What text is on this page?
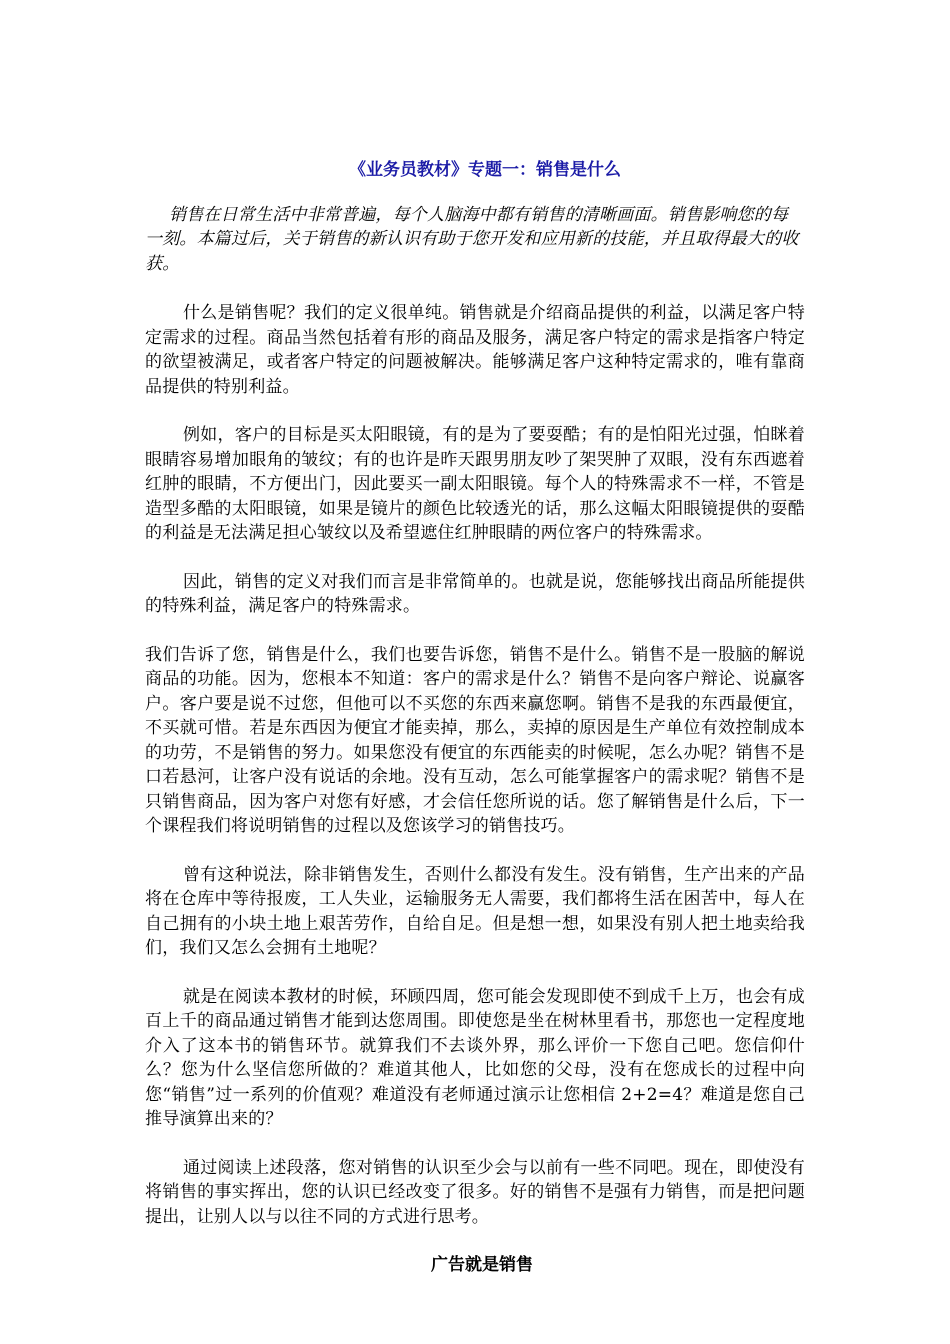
《业务员教材》专题一：销售是什么
销售在日常生活中非常普遍，每个人脑海中都有销售的清晰画面。销售影响您的每一刻。本篇过后，关于销售的新认识有助于您开发和应用新的技能，并且取得最大的收获。
什么是销售呢？我们的定义很单纯。销售就是介绍商品提供的利益，以满足客户特定需求的过程。商品当然包括着有形的商品及服务，满足客户特定的需求是指客户特定的欲望被满足，或者客户特定的问题被解决。能够满足客户这种特定需求的，唯有靠商品提供的特别利益。
例如，客户的目标是买太阳眼镜，有的是为了要耍酷；有的是怕阳光过强，怕眯着眼睛容易增加眼角的皱纹；有的也许是昨天跟男朋友吵了架哭肿了双眼，没有东西遮着红肿的眼睛，不方便出门，因此要买一副太阳眼镜。每个人的特殊需求不一样，不管是造型多酷的太阳眼镜，如果是镜片的颜色比较透光的话，那么这幅太阳眼镜提供的耍酷的利益是无法满足担心皱纹以及希望遮住红肿眼睛的两位客户的特殊需求。
因此，销售的定义对我们而言是非常简单的。也就是说，您能够找出商品所能提供的特殊利益，满足客户的特殊需求。
我们告诉了您，销售是什么，我们也要告诉您，销售不是什么。销售不是一股脑的解说商品的功能。因为，您根本不知道：客户的需求是什么？销售不是向客户辩论、说赢客户。客户要是说不过您，但他可以不买您的东西来赢您啊。销售不是我的东西最便宜，不买就可惜。若是东西因为便宜才能卖掉，那么，卖掉的原因是生产单位有效控制成本的功劳，不是销售的努力。如果您没有便宜的东西能卖的时候呢，怎么办呢？销售不是口若悬河，让客户没有说话的余地。没有互动，怎么可能掌握客户的需求呢？销售不是只销售商品，因为客户对您有好感，才会信任您所说的话。您了解销售是什么后，下一个课程我们将说明销售的过程以及您该学习的销售技巧。
曾有这种说法，除非销售发生，否则什么都没有发生。没有销售，生产出来的产品将在仓库中等待报废，工人失业，运输服务无人需要，我们都将生活在困苦中，每人在自己拥有的小块土地上艰苦劳作，自给自足。但是想一想，如果没有别人把土地卖给我们，我们又怎么会拥有土地呢？
就是在阅读本教材的时候，环顾四周，您可能会发现即使不到成千上万，也会有成百上千的商品通过销售才能到达您周围。即使您是坐在树林里看书，那您也一定程度地介入了这本书的销售环节。就算我们不去谈外界，那么评价一下您自己吧。您信仰什么？您为什么坚信您所做的？难道其他人，比如您的父母，没有在您成长的过程中向您“销售”过一系列的价值观？难道没有老师通过演示让您相信 2+2=4？难道是您自己推导演算出来的？
通过阅读上述段落，您对销售的认识至少会与以前有一些不同吧。现在，即使没有将销售的事实挥出，您的认识已经改变了很多。好的销售不是强有力销售，而是把问题提出，让别人以与以往不同的方式进行思考。
广告就是销售
